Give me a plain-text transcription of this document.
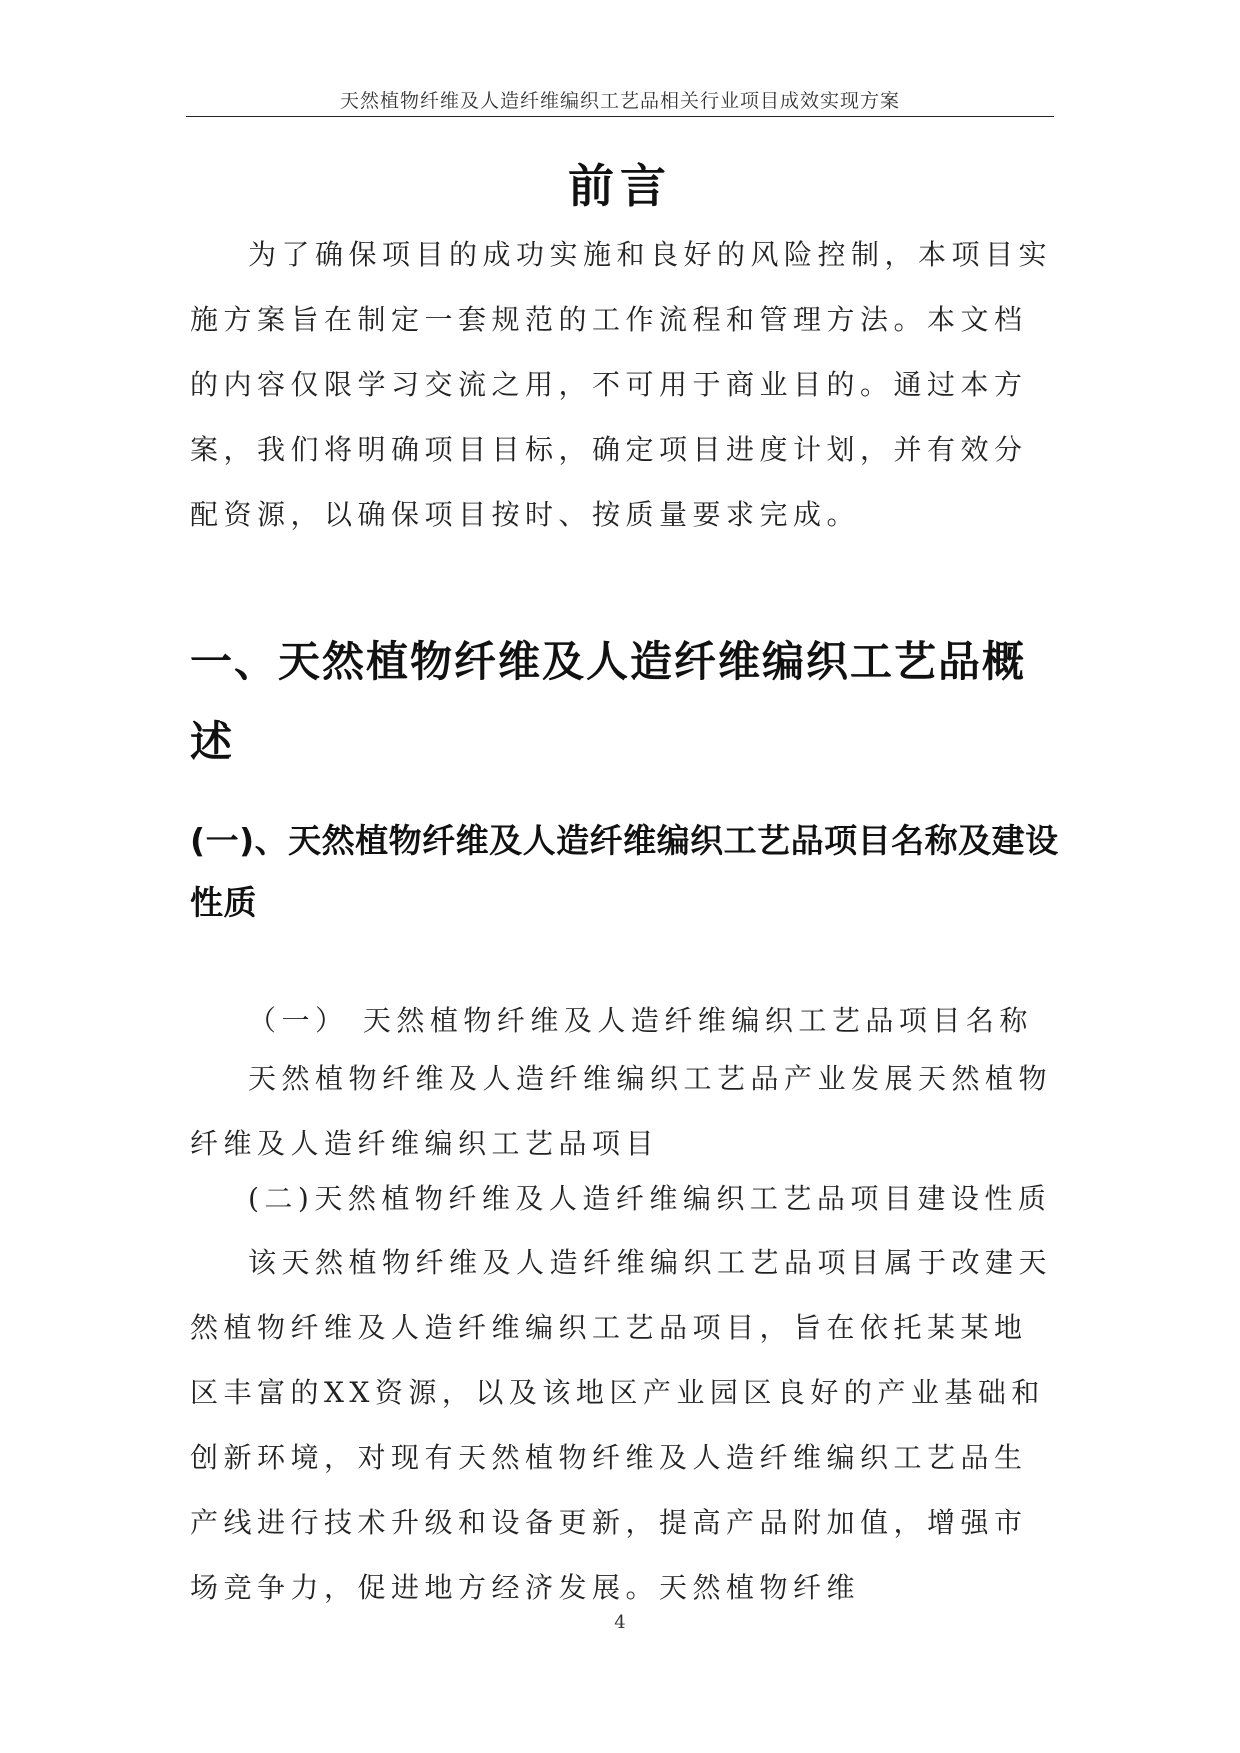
天然植物纤维及人造纤维编织工艺品相关行业项目成效实现方案
前言

为了确保项目的成功实施和良好的风险控制，本项目实施方案旨在制定一套规范的工作流程和管理方法。本文档的内容仅限学习交流之用，不可用于商业目的。通过本方案，我们将明确项目目标，确定项目进度计划，并有效分配资源，以确保项目按时、按质量要求完成。

一、天然植物纤维及人造纤维编织工艺品概述
(一)、天然植物纤维及人造纤维编织工艺品项目名称及建设性质

（一） 天然植物纤维及人造纤维编织工艺品项目名称

天然植物纤维及人造纤维编织工艺品产业发展天然植物纤维及人造纤维编织工艺品项目

(二)天然植物纤维及人造纤维编织工艺品项目建设性质

该天然植物纤维及人造纤维编织工艺品项目属于改建天然植物纤维及人造纤维编织工艺品项目，旨在依托某某地区丰富的XX资源，以及该地区产业园区良好的产业基础和创新环境，对现有天然植物纤维及人造纤维编织工艺品生产线进行技术升级和设备更新，提高产品附加值，增强市场竞争力，促进地方经济发展。天然植物纤维

4
